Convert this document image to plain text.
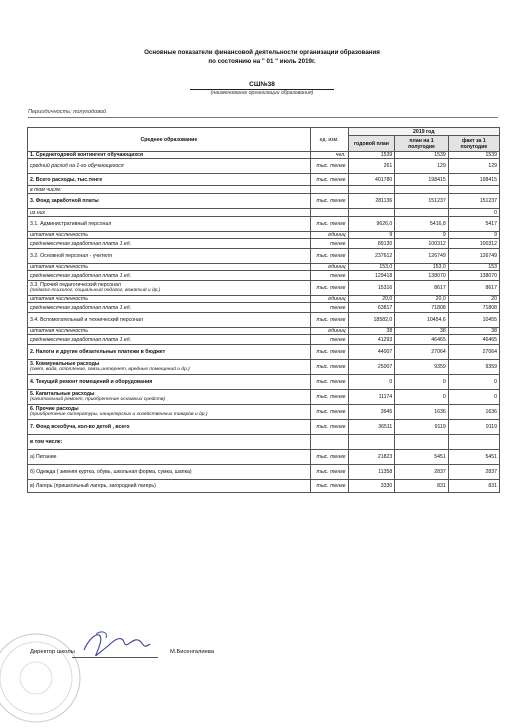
Основные показатели финансовой деятельности организации образования
по состоянию на " 01 " июль 2019г.
СШ№38
(наименование организации образования)
Периодичность: полугодовой
Среднее образование	ед. изм.	2019 год		
		годовой план	план на 1 полугодие	факт за 1 полугодие
1. Среднегодовой контингент обучающихся	чел.	1539	1539	1539
средний расход на 1-го обучающегося	тыс. тенге	261	129	129
2. Всего расходы, тыс.тенге	тыс. тенге	401780	198415	198415
в том числе:				
3. Фонд заработной платы	тыс. тенге	281136	151237	151237
из них				0
3.1. Административный персонал	тыс. тенге	9626,0	5416,8	5417
штатная численность	единиц	9	9	9
среднемесячная заработная плата 1 ед.	тенге	89130	100312	100312
3.2. Основной персонал - учителя	тыс. тенге	237612	126749	126749
штатная численность	единиц	153,0	153,0	153
среднемесячная заработная плата 1 ед.	тенге	129418	138070	138070
3.3. Прочий педагогический персонал
(педагог-психолог, социальный педагог, вожатый и др.)	тыс. тенге	15316	8617	8617
штатная численность	единиц	20,0	20,0	20
среднемесячная заработная плата 1 ед.	тенге	63817	71808	71808
3.4. Вспомогательный и технический персонал	тыс. тенге	18582,0	10454,6	10455
штатная численность	единиц	38	38	38
среднемесячная заработная плата 1 ед.	тенге	41293	46465	46465
2. Налоги и другие обязательные платежи в бюджет	тыс. тенге	44007	27064	27064
3. Коммунальные расходы
(свет, вода, отопление, связь,интернет, вредные помещений и др.)	тыс. тенге	25007	9359	9359
4. Текущий ремонт помещений и оборудования	тыс. тенге	0	0	0
5. Капитальные расходы
(капитальный ремонт, приобретение основных средств)	тыс. тенге	11174	0	0
6. Прочие расходы
(приобретение литературы, канцелярских и хозяйственных товаров и др.)	тыс. тенге	3945	1636	1636
7. Фонд всеобуча, кол-во детей , всего	тыс. тенге	36511	9119	9119
в том числе:				
а) Питание	тыс. тенге	21823	5451	5451
б) Одежда ( зимняя куртка, обувь, школьная форма, сумка, шапка)	тыс. тенге	11358	2837	2837
в) Лагерь (пришкольный лагерь, загородний лагерь)	тыс. тенге	3330	831	831
Директор школы	М.Бисенгалиева
